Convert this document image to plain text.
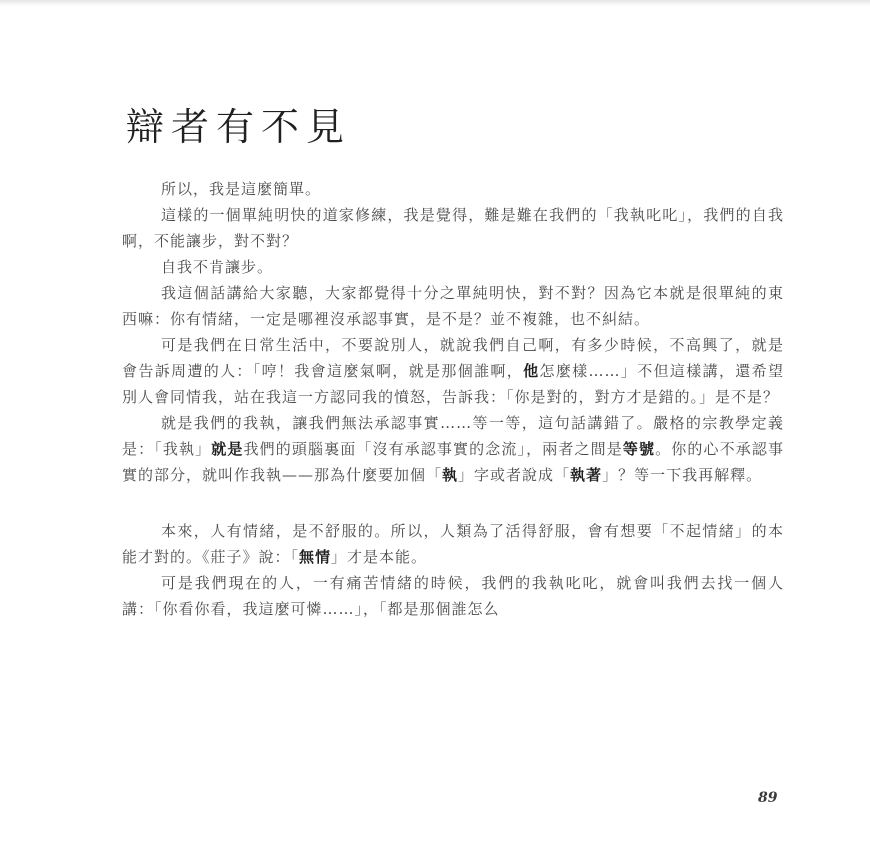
辯者有不見

所以，我是這麼簡單。

這樣的一個單純明快的道家修練，我是覺得，難是難在我們的「我執叱叱」，我們的自我啊，不能讓步，對不對？

自我不肯讓步。

我這個話講給大家聽，大家都覺得十分之單純明快，對不對？因為它本就是很單純的東西嘛：你有情緒，一定是哪裡沒承認事實，是不是？並不複雜，也不糾結。

可是我們在日常生活中，不要說別人，就說我們自己啊，有多少時候，不高興了，就是會告訴周遭的人：「哼！我會這麼氣啊，就是那個誰啊，他怎麼樣……」不但這樣講，還希望別人會同情我，站在我這一方認同我的憤怒，告訴我：「你是對的，對方才是錯的。」是不是？

就是我們的我執，讓我們無法承認事實……等一等，這句話講錯了。嚴格的宗教學定義是：「我執」就是我們的頭腦裏面「沒有承認事實的念流」，兩者之間是等號。你的心不承認事實的部分，就叫作我執——那為什麼要加個「執」字或者說成「執著」？等一下我再解釋。

本來，人有情緒，是不舒服的。所以，人類為了活得舒服，會有想要「不起情緒」的本能才對的。《莊子》說：「無情」才是本能。

可是我們現在的人，一有痛苦情緒的時候，我們的我執叱叱，就會叫我們去找一個人講：「你看你看，我這麼可憐……」，「都是那個誰怎么

89
